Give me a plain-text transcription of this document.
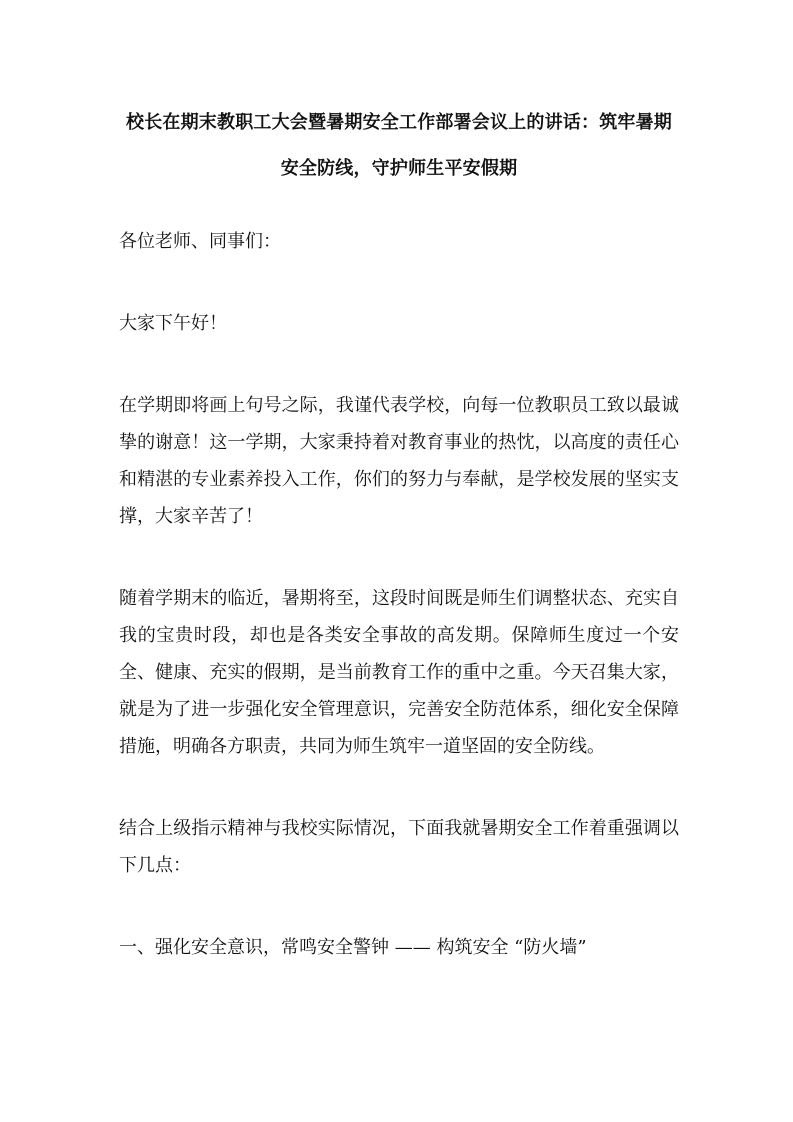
校长在期末教职工大会暨暑期安全工作部署会议上的讲话：筑牢暑期安全防线，守护师生平安假期

各位老师、同事们：

大家下午好！

在学期即将画上句号之际，我谨代表学校，向每一位教职员工致以最诚挚的谢意！这一学期，大家秉持着对教育事业的热忱，以高度的责任心和精湛的专业素养投入工作，你们的努力与奉献，是学校发展的坚实支撑，大家辛苦了！

随着学期末的临近，暑期将至，这段时间既是师生们调整状态、充实自我的宝贵时段，却也是各类安全事故的高发期。保障师生度过一个安全、健康、充实的假期，是当前教育工作的重中之重。今天召集大家，就是为了进一步强化安全管理意识，完善安全防范体系，细化安全保障措施，明确各方职责，共同为师生筑牢一道坚固的安全防线。

结合上级指示精神与我校实际情况，下面我就暑期安全工作着重强调以下几点：

一、强化安全意识，常鸣安全警钟 —— 构筑安全 “防火墙”
